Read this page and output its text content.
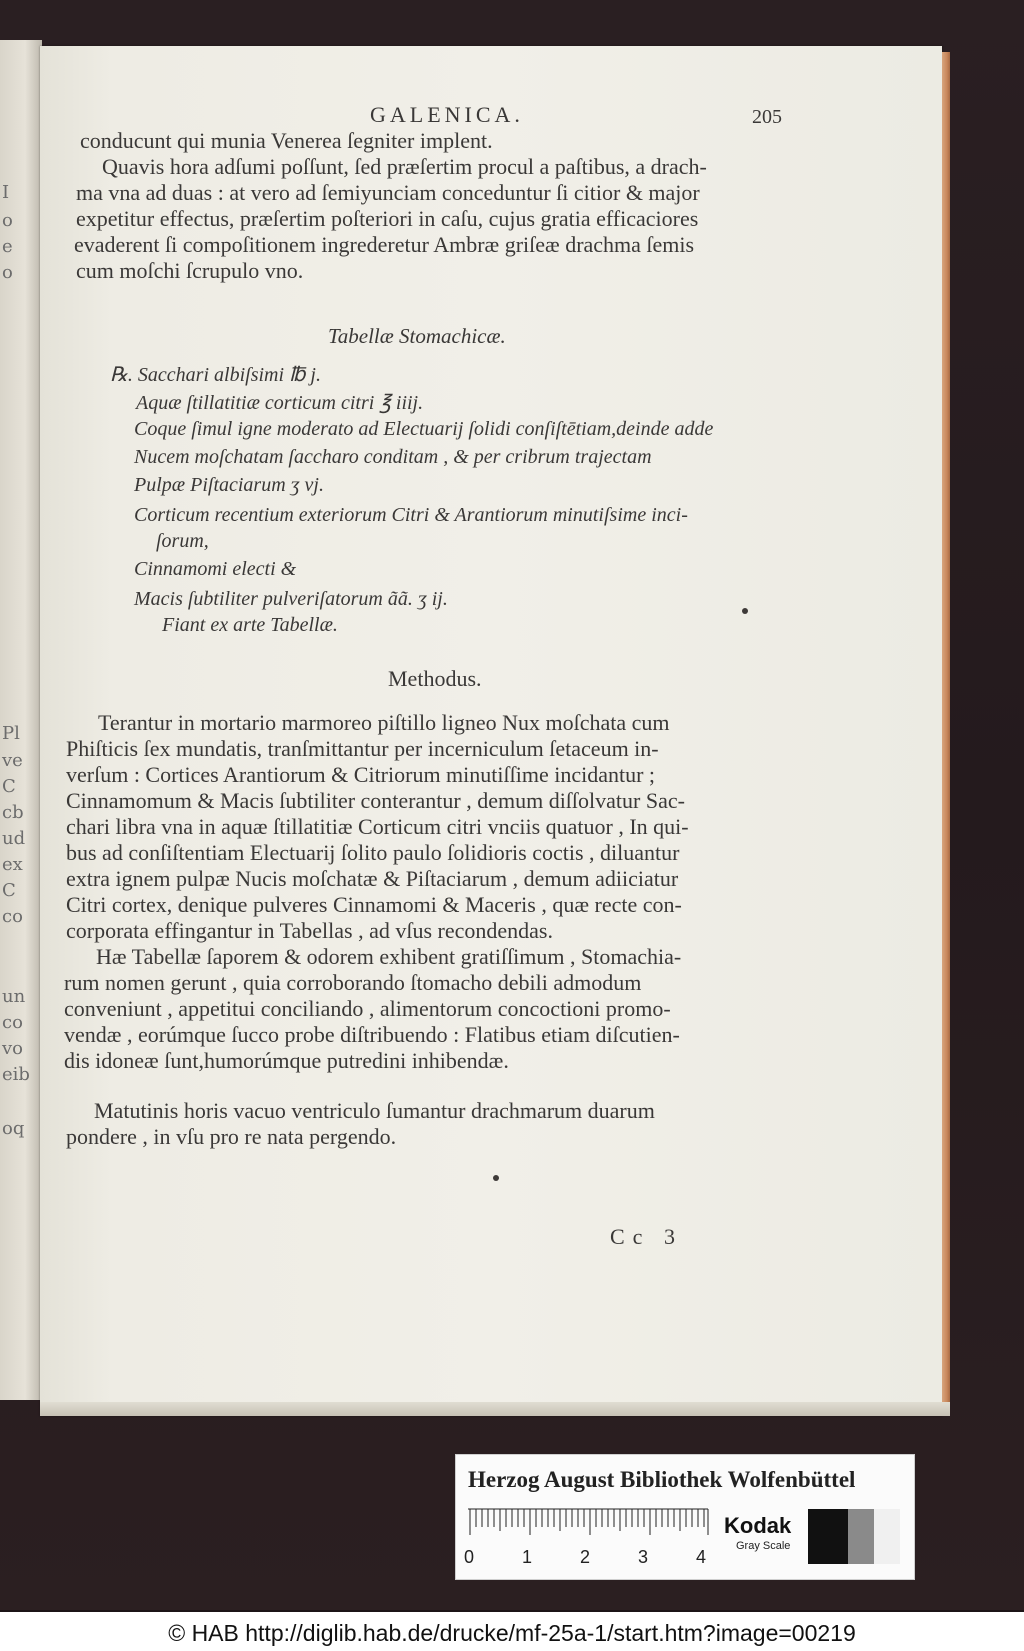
I
o
e
o
Pl
ve
C
cb
ud
ex
C
co
un
co
vo
eib
oq
GALENICA.	205
conducunt qui munia Venerea ſegniter implent.
Quavis hora adſumi poſſunt, ſed præſertim procul a paſtibus, a drach-
ma vna ad duas : at vero ad ſemiyunciam conceduntur ſi citior & major
expetitur effectus, præſertim poſteriori in caſu, cujus gratia efficaciores
evaderent ſi compoſitionem ingrederetur Ambræ griſeæ drachma ſemis
cum moſchi ſcrupulo vno.
Tabellæ Stomachicæ.
℞. Sacchari albiſsimi ℔ j.
Aquæ ſtillatitiæ corticum citri ℥ iiij.
Coque ſimul igne moderato ad Electuarij ſolidi conſiſtētiam,deinde adde
Nucem moſchatam ſaccharo conditam , & per cribrum trajectam
Pulpæ Piſtaciarum ʒ vj.
Corticum recentium exteriorum Citri & Arantiorum minutiſsime inci-
ſorum,
Cinnamomi electi &
Macis ſubtiliter pulveriſatorum ãã. ʒ ij.
Fiant ex arte Tabellæ.
Methodus.
Terantur in mortario marmoreo piſtillo ligneo Nux moſchata cum
Phiſticis ſex mundatis, tranſmittantur per incerniculum ſetaceum in-
verſum : Cortices Arantiorum & Citriorum minutiſſime incidantur ;
Cinnamomum & Macis ſubtiliter conterantur , demum diſſolvatur Sac-
chari libra vna in aquæ ſtillatitiæ Corticum citri vnciis quatuor , In qui-
bus ad conſiſtentiam Electuarij ſolito paulo ſolidioris coctis , diluantur
extra ignem pulpæ Nucis moſchatæ & Piſtaciarum , demum adiiciatur
Citri cortex, denique pulveres Cinnamomi & Maceris , quæ recte con-
corporata effingantur in Tabellas , ad vſus recondendas.
Hæ Tabellæ ſaporem & odorem exhibent gratiſſimum , Stomachia-
rum nomen gerunt , quia corroborando ſtomacho debili admodum
conveniunt , appetitui conciliando , alimentorum concoctioni promo-
vendæ , eorúmque ſucco probe diſtribuendo : Flatibus etiam diſcutien-
dis idoneæ ſunt,humorúmque putredini inhibendæ.
Matutinis horis vacuo ventriculo ſumantur drachmarum duarum
pondere , in vſu pro re nata pergendo.
Cc 3
Herzog August Bibliothek Wolfenbüttel
0	1	2	3	4
Kodak
Gray Scale
© HAB http://diglib.hab.de/drucke/mf-25a-1/start.htm?image=00219
